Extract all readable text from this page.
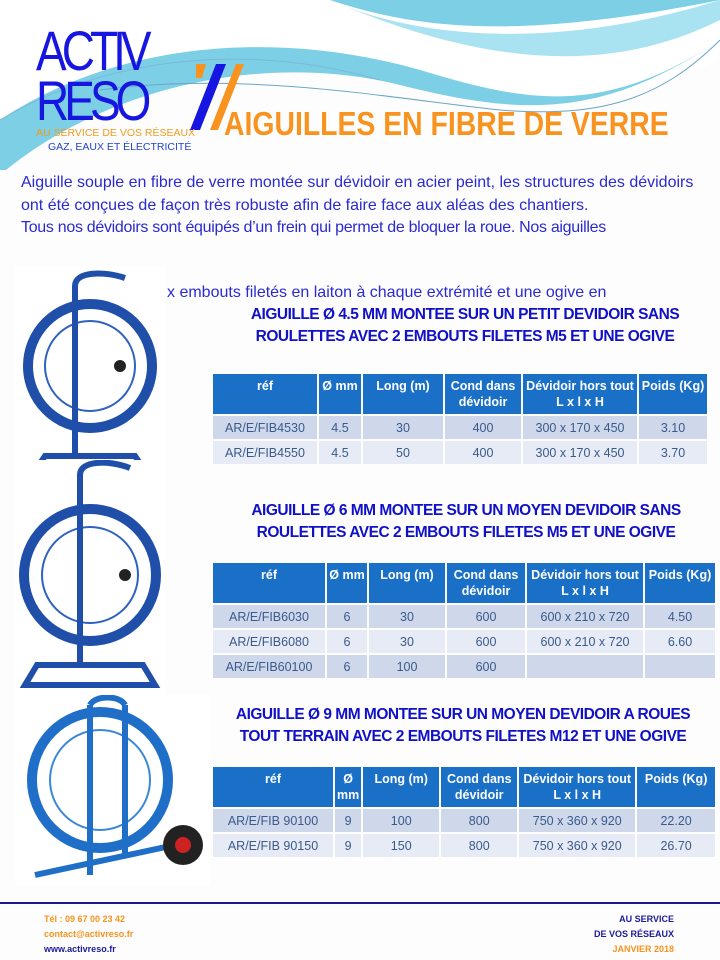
ACTIV
RESO
AU SERVICE DE VOS RÉSEAUX
GAZ, EAUX ET ÉLECTRICITÉ
AIGUILLES EN FIBRE DE VERRE
Aiguille souple en fibre de verre montée sur dévidoir en acier peint, les structures des dévidoirs ont été conçues de façon très robuste afin de faire face aux aléas des chantiers.
Tous nos dévidoirs sont équipés d’un frein qui permet de bloquer la roue. Nos aiguilles
x embouts filetés en laiton à chaque extrémité et une ogive en
AIGUILLE Ø 4.5 MM MONTEE SUR UN PETIT DEVIDOIR SANS ROULETTES AVEC 2 EMBOUTS FILETES M5 ET UNE OGIVE
réf	Ø mm	Long (m)	Cond dans dévidoir	Dévidoir hors tout L x l x H	Poids (Kg)
AR/E/FIB4530	4.5	30	400	300 x 170 x 450	3.10
AR/E/FIB4550	4.5	50	400	300 x 170 x 450	3.70
AIGUILLE Ø 6 MM MONTEE SUR UN MOYEN DEVIDOIR SANS ROULETTES AVEC 2 EMBOUTS FILETES M5 ET UNE OGIVE
réf	Ø mm	Long (m)	Cond dans dévidoir	Dévidoir hors tout L x l x H	Poids (Kg)
AR/E/FIB6030	6	30	600	600 x 210 x 720	4.50
AR/E/FIB6080	6	30	600	600 x 210 x 720	6.60
AR/E/FIB60100	6	100	600		
AIGUILLE Ø 9 MM MONTEE SUR UN MOYEN DEVIDOIR A ROUES TOUT TERRAIN AVEC 2 EMBOUTS FILETES M12 ET UNE OGIVE
réf	Ø mm	Long (m)	Cond dans dévidoir	Dévidoir hors tout L x l x H	Poids (Kg)
AR/E/FIB 90100	9	100	800	750 x 360 x 920	22.20
AR/E/FIB 90150	9	150	800	750 x 360 x 920	26.70
Tél : 09 67 00 23 42
contact@activreso.fr
www.activreso.fr
AU SERVICE
DE VOS RÉSEAUX
JANVIER 2018
